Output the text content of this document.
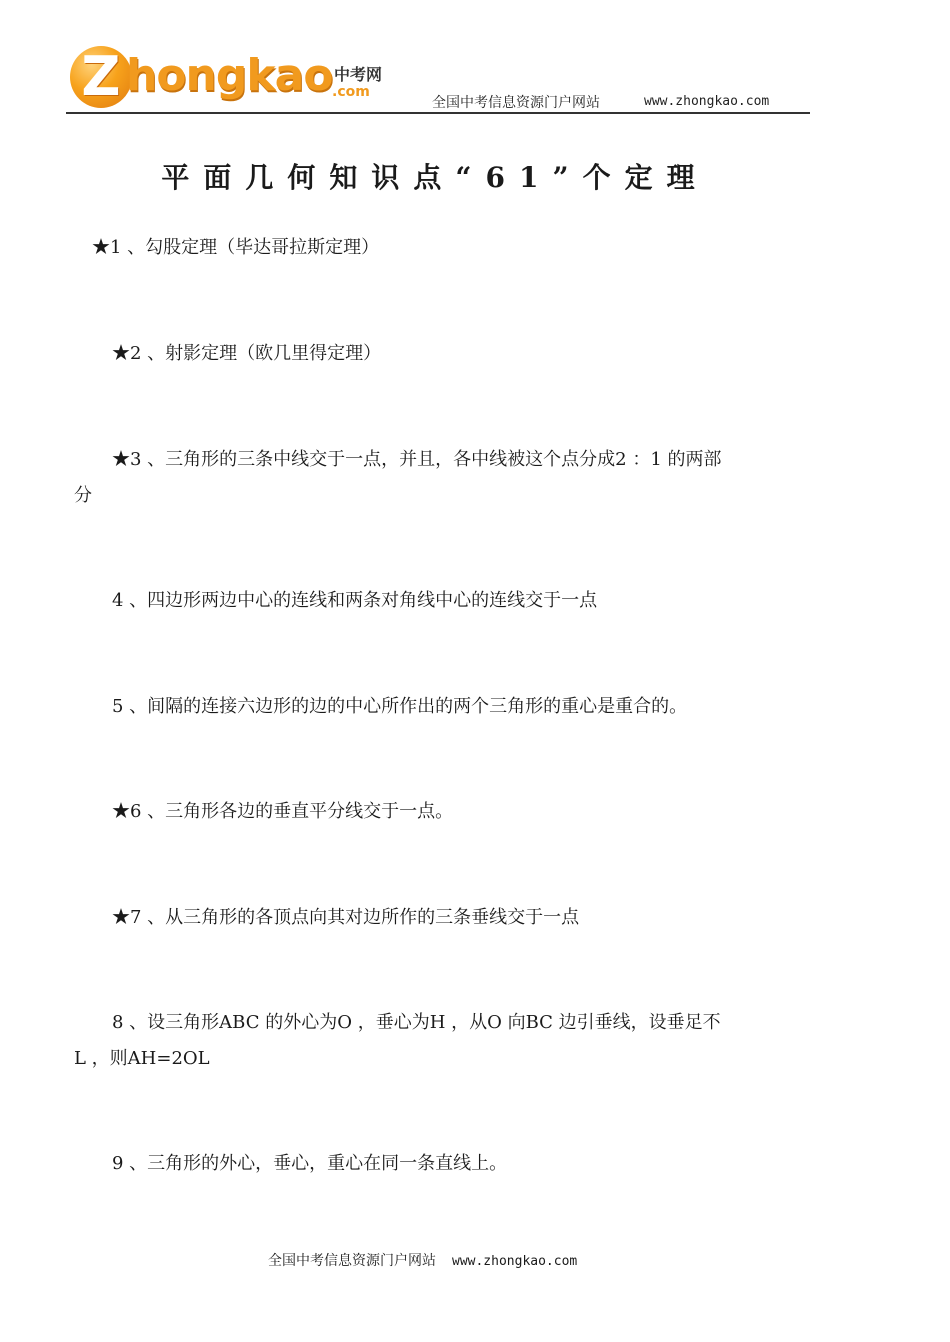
Z hongkao 中考网
.com
全国中考信息资源门户网站	www.zhongkao.com
平面几何知识点“61”个定理
★1 、勾股定理（毕达哥拉斯定理）
★2 、射影定理（欧几里得定理）
★3 、三角形的三条中线交于一点，并且，各中线被这个点分成2 ：1 的两部
分
4 、四边形两边中心的连线和两条对角线中心的连线交于一点
5 、间隔的连接六边形的边的中心所作出的两个三角形的重心是重合的。
★6 、三角形各边的垂直平分线交于一点。
★7 、从三角形的各顶点向其对边所作的三条垂线交于一点
8 、设三角形ABC 的外心为O ，垂心为H ，从O 向BC 边引垂线，设垂足不
L ，则AH=2OL
9 、三角形的外心，垂心，重心在同一条直线上。
全国中考信息资源门户网站 www.zhongkao.com
